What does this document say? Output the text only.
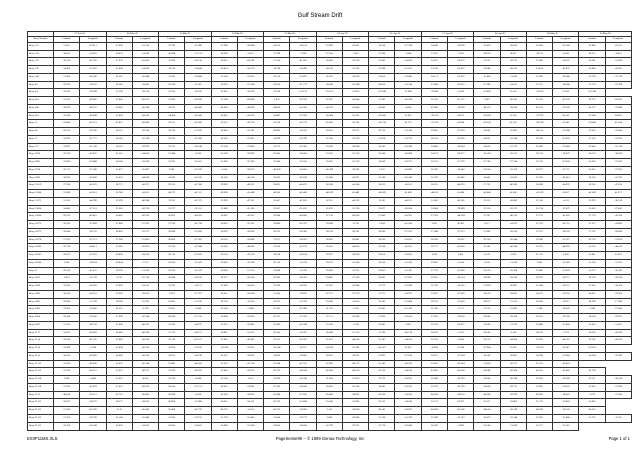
Gulf Stream Drift
	27-Feb-95		08-Mar-95		15-Mar-95		22-Mar-95		27-Mar-95		03-Apr-95		01-Apr-95		17-Apr-95		24-Apr-95		08-May-95		15-May-95		
Buoy Number	Latitude	Longitude	Latitude	Longitude	Latitude	Longitude	Latitude	Longitude	Latitude	Longitude	Latitude	Longitude	Latitude	Longitude	Latitude	Longitude	Latitude	Longitude	Latitude	Longitude	Latitude	Longitude	
Buoy 131	31.651	-29.911	31.896	-31.218	32.790	-31.890	33.949	-36.868	34.310	-36.141	33.999	-28.437	34.156	-27.748	34.440	-28.999	33.420	-26.658	32.818	-22.564	33.466	-23.811	
Buoy 130	36.852	-16.870	36.674	-14.396	36.838	-12.174	36.382	-8.515	37.198	-7.928	37.564	-7.467	37.566	-7.666	37.567	-7.681	38.216	-8.417	38.211	-6.416	38.215	-6.410	
Buoy 133	39.214	-62.350	37.376	-63.430	37.900	-58.150	38.015	-60.241	37.556	-61.007	32.882	-59.356	32.893	-58.629	32.857	-58.612	32.535	-59.121	33.006	-56.225	33.061	-55.826	
Buoy 139	34.360	-55.582	33.638	-54.920	34.316	-54.640	34.614	-54.776	34.786	-56.499	34.120	-52.235	33.998	-51.201	33.190	-50.432	33.888	-49.415	33.454	-43.970	33.460	-43.561	
Buoy 144	31.430	-43.166	32.547	-30.448	32.422	-38.888	35.166	-32.931	32.516	-33.897	31.897	-34.339	33.810	-33.482	34.111	-33.432	33.458	-31.583	33.906	-34.986	33.798	-35.739	
Buoy 45	29.970	-18.716	29.260	-19.861	29.180	-21.657	29.391	-21.268	29.610	-21.772	28.949	-22.588	28.626	-23.744	27.898	-23.915	27.389	-24.321	27.317	-24.496	27.578	-25.399	
Buoy 44	32.200	-39.289	31.596	-38.714	32.352	-36.320	33.622	-36.190	33.524	-33.132	33.514	-31.853	-33.598	31.496	-33.640	31.453	-33.426	31.451	-33.610	31.300	-33.748		
Buoy 461	31.587	-69.960	31.940	-69.355	31.895	-69.280	31.288	-68.894	3.873	-67.919	31.875	-66.964	31.381	-66.568	31.470	-67.127	3.967	-66.347	31.165	-65.276	29.735	-63.091	
Buoy 480	39.976	-46.710	39.642	-45.286	42.911	-46.480	44.428	-43.890	44.656	-43.345	44.330	-41.849	43.840	-4.084	45.966	-38.999	48.123	-38.580	45.574	-33.390	45.572	-33.846	
Buoy 481	32.598	-44.849	32.658	-44.163	34.456	-42.566	34.851	-41.816	34.467	-37.393	-39.485	35.919	-39.560	35.872	-39.576	34.957	-39.583	35.181	-37.976	38.111	-37.885	38.461	
Buoy 51	41.868	-45.221	41.831	-42.894	39.157	-43.943	39.251	-43.574	41.374	-42.732	43.566	-41.782	-36.734	41.775	-37.578	41.828	-39.541	41.532	-39.558	41.543	-39.666	41.544	
Buoy 26	20.212	-39.536	28.315	-39.740	28.130	-37.670	28.624	-35.581	28.862	-34.353	29.203	-33.377	29.750	-32.540	29.665	-31.629	29.685	-32.887	28.114	-32.698	27.618	-32.694	
Buoy 27	33.992	-31.777	34.365	-32.196	33.525	-31.426	34.565	-31.427	34.299	-32.796	37.343	-32.320	37.818	-32.770	38.274	-33.095	38.651	-33.349	39.769	-35.603	37.195	-33.291	
Buoy 277	33.987	-31.169	34.205	-29.925	33.753	-28.546	32.234	-27.683	32.370	-25.560	33.296	-26.968	34.163	-26.949	34.800	-26.964	34.620	-27.513	32.669	-25.664	32.458	-25.518	
Buoy 2876	32.526	-45.825	32.525	-44.636	27.484	-4.330	33.780	-39.882	36.465	-38.463	33.256	-37.550	34.188	-36.984	34.123	-36.977	34.128	-39.312	36.714	-38.679	38.519	-36.830	
Buoy 2881	35.960	-34.688	36.546	-35.838	35.823	-35.411	35.990	-35.385	35.860	-35.553	35.823	-35.173	34.439	-29.791	35.125	-27.726	35.790	-27.144	35.735	-25.658	33.620	-25.563	
Buoy 3278	32.171	-37.586	31.675	-35.897	3.941	-32.078	3.414	-29.670	-49.236	-26.861	-45.389	-26.291	5.253	-26.990	31.695	-26.540	33.224	-22.190	32.677	-27.757	32.622	-27.955	
Buoy 3280	36.950	-45.838	33.433	-44.828	34.422	-43.576	34.143	-44.136	35.633	-42.208	35.586	-41.971	35.280	-41.340	35.392	-41.862	34.445	-41.563	35.760	-43.614	36.274	-41.792	
Buoy 15519	27.914	-45.129	28.775	-45.973	29.153	-47.306	29.962	-45.911	28.831	-46.675	28.308	-45.364	28.533	-45.110	28.255	-46.293	27.722	-46.596	26.898	-46.870	26.745	-47.474	
Buoy 15568	31.096	-42.601	30.760	-41.651	48.372	-41.511	49.038	-41.408	48.941	-41.408	-40.059	41.449	-40.569	41.498	-40.612	41.496	-40.640	41.456	-41.359	41.657	-41.609	41.671	
Buoy 15571	31.550	-44.999	32.399	-46.948	32.911	-47.373	32.939	-47.251	33.457	-47.810	32.951	-46.133	33.161	-46.115	31.863	-43.580	33.212	-43.682	31.542	-4.111	31.959	-38.158	
Buoy 15854	34.843	-27.551	35.265	-26.728	33.737	-31.511	33.886	-33.185	33.657	-31.813	32.670	-31.756	31.877	-28.824	32.664	-29.889	33.116	-28.573	31.714	-27.679	31.663	-27.641	
Buoy 16266	26.315	-42.410	26.447	-43.339	26.852	-44.322	26.967	-43.932	26.984	-44.900	27.139	-43.850	27.040	-43.925	27.302	-44.394	27.207	-46.110	27.272	-45.385	27.719	-45.290	
Buoy 16270	26.593	-27.409	27.466	-27.472	27.916	-41.796	28.016	-33.101	28.880	-42.787	29.388	-4.736	3.284	-41.416	3.851	-41.811	3.117	-41.873	31.233	-42.151	31.127	-41.882	
Buoy 16273	28.844	-24.735	28.402	-25.317	28.288	-25.626	28.397	-26.000	28.313	-26.385	28.334	-26.761	28.260	-27.235	27.948	-27.513	27.405	-28.141	27.251	-28.720	27.795	-28.842	
Buoy 16274	27.972	-27.151	27.280	-27.800	26.856	-27.381	26.181	-28.408	27.977	-28.925	28.085	-29.467	28.520	-30.102	28.930	-30.567	29.130	-30.944	29.380	-31.327	29.730	-31.619	
Buoy 16282	32.719	-46.411	33.285	-47.870	33.259	-47.946	34.265	-48.841	33.674	-47.273	32.453	-46.600	32.324	-45.615	32.177	-45.838	32.182	-46.540	32.972	-44.995	32.530	-44.610	
Buoy 16283	28.817	-27.823	29.800	-28.616	28.776	-29.959	29.150	-29.539	28.914	-29.414	29.767	-29.629	29.810	-29.620	3.822	3.861	31.321	3.920	31.722	3.958	31.881	31.922	
Buoy 16286	3.249	-28.934	29.844	-7.712	29.263	-31.419	29.478	-32.308	29.112	-33.735	29.370	-31.580	29.220	-31.300	29.850	-3.614	3.345	-31.599	3.643	-31.369	31.169	-31.910	
Buoy 21	29.550	-41.472	29.393	-51.329	29.593	-51.379	28.930	-51.735	29.868	-52.329	29.609	-52.931	29.603	-52.347	27.729	-55.828	26.574	-56.428	25.862	-55.878	25.373	-56.347	
Buoy 2657	3.476	-25.139	3.213	-25.736	29.688	-26.232	29.557	-26.596	29.385	-26.581	29.862	-27.560	29.681	-27.623	29.622	-28.114	29.689	-28.180	29.702	-28.771	29.559	-29.019	
Buoy 2659	33.583	-34.693	33.629	-34.155	32.703	-34.111	32.469	-34.650	32.369	-36.910	32.162	-35.944	31.719	-35.949	31.782	-36.145	31.939	-36.497	31.368	-34.251	31.345	-34.100	
Buoy 2660	34.230	-28.201	32.930	-28.230	3.879	-27.767	34.451	-28.398	31.245	-29.822	32.737	-27.276	31.715	-26.932	32.875	-27.690	34.520	-28.065	34.212	-29.350	34.651	-29.362	
Buoy 2661	29.694	-15.199	29.249	-15.291	28.861	-15.220	29.150	-15.818	29.471	-15.529	29.288	-15.610	29.343	-15.484	28.753	-15.420	28.275	-15.533	28.200	-16.915	28.199	-17.943	
Buoy 2663	32.856	-19.400	32.512	-2.395	32.657	-2.648	32.500	-2.488	32.281	-21.990	31.710	-2.581	32.891	-21.336	31.700	-2.517	31.715	-19.995	3.188	-18.478	3.349	-19.442	
Buoy 2664	28.364	-29.560	27.999	-30.146	28.594	-27.574	26.894	-28.958	26.735	-27.332	27.751	-29.436	27.690	-29.056	27.835	-29.000	28.340	-29.390	28.321	-29.728	28.334	-29.872	
Buoy 2667	31.333	-46.759	32.096	-46.597	33.183	-44.797	32.957	-33.881	33.459	-43.349	33.190	-3.339	33.881	-3.837	32.570	-33.457	32.890	-31.720	33.866	-31.840	31.616	-31.627	
Buoy 2117	33.612	-49.658	34.682	-48.794	37.123	-49.121	36.891	-55.251	36.541	-50.767	36.288	-51.170	37.190	-49.714	38.223	-5.322	38.563	-5.365	38.219	-5.750	38.229	-45.200	
Buoy 2118	32.614	-41.765	31.985	-43.358	32.116	-43.511	31.845	-43.451	32.317	-43.567	31.831	-44.300	32.187	-44.550	32.322	-4.568	32.553	-44.566	32.633	-44.761	32.742	-45.100	
Buoy 2119	33.369	-5.586	35.894	-49.156	33.658	-33.535	-47.280	33.160	-45.546	33.252	-41.626	32.549	-41.267	32.457	-4.498	32.384	-37.964	33.602	-35.670	32.587	-33.651		
Buoy 2110	34.554	-40.693	34.480	-40.358	34.321	-40.198	34.201	-39.947	34.082	-39.665	34.007	-38.931	33.995	-37.914	34.017	-37.364	34.183	-36.905	34.249	-35.964	34.364	-35.383	
Buoy 21111	31.610	-46.836	32.470	-45.146	32.481	-46.050	32.319	-47.338	32.284	-47.312	32.998	-46.773	33.145	-46.530	33.610	-43.244	31.830	-42.371	31.210	-42.418			
Buoy 21112	31.790	-40.157	31.957	-49.757	32.474	-49.625	32.643	-41.935	42.750	-48.264	42.894	-46.219	43.110	-44.142	42.883	-42.608	42.686	-42.566	42.413	-41.845	41.790		
Buoy 21116	3.436	-4.485	31.637	-4.631	32.520	-4.666	32.106	-4.111	32.096	-38.740	31.954	-37.653	32.372	-36.907	32.489	-36.763	32.640	-36.788	32.879	-36.349	32.711	-36.258	
Buoy 21118	37.810	-42.479	37.655	-42.630	38.410	-37.211	34.851	-33.681	35.181	-34.045	34.829	-33.180	34.941	-29.783	35.970	-29.190	34.828	-28.775	33.963	-30.470	31.818	-31.390	
Buoy 2112	46.630	-39.513	47.752	-45.885	45.999	-4.336	45.565	-39.831	45.494	-37.810	45.868	-38.097	45.320	-38.423	46.059	-38.010	46.969	-39.976	49.200	-38.823	3.279	-37.943	
Buoy 21121	29.857	-38.272	29.573	-28.305	28.866	-37.880	28.951	-34.121	30.222	-33.849	33.246	-31.893	32.531	-34.188	33.173	-33.871	35.371	-33.863	31.770	-33.803	31.800		
Buoy 21122	31.345	-45.190	3.112	-45.462	32.466	-42.770	49.537	-4.524	48.750	-38.962	3.135	-38.956	49.141	-38.873	48.608	-41.366	46.056	-38.149	46.180	-36.530	45.353		
Buoy 21123	31.350	-29.736	32.149	-32.488	31.656	-32.215	31.700	-31.465	31.640	-29.772	3.964	-29.690	31.128	-31.359	32.049	-32.123	32.470	-33.148	32.810	-31.886	31.722	-3.356	
Buoy 21131	35.200	-34.349	34.959	-34.332	34.565	-34.262	34.880	-31.428	34.660	-28.842	34.799	-29.722	35.174	-29.840	36.200	-3.609	35.549	-31.589	35.577	-31.361			
EX0P11MS.XLS	PageSense99 -- © 1999 Genoa Technology, Inc	Page 1 of 1
